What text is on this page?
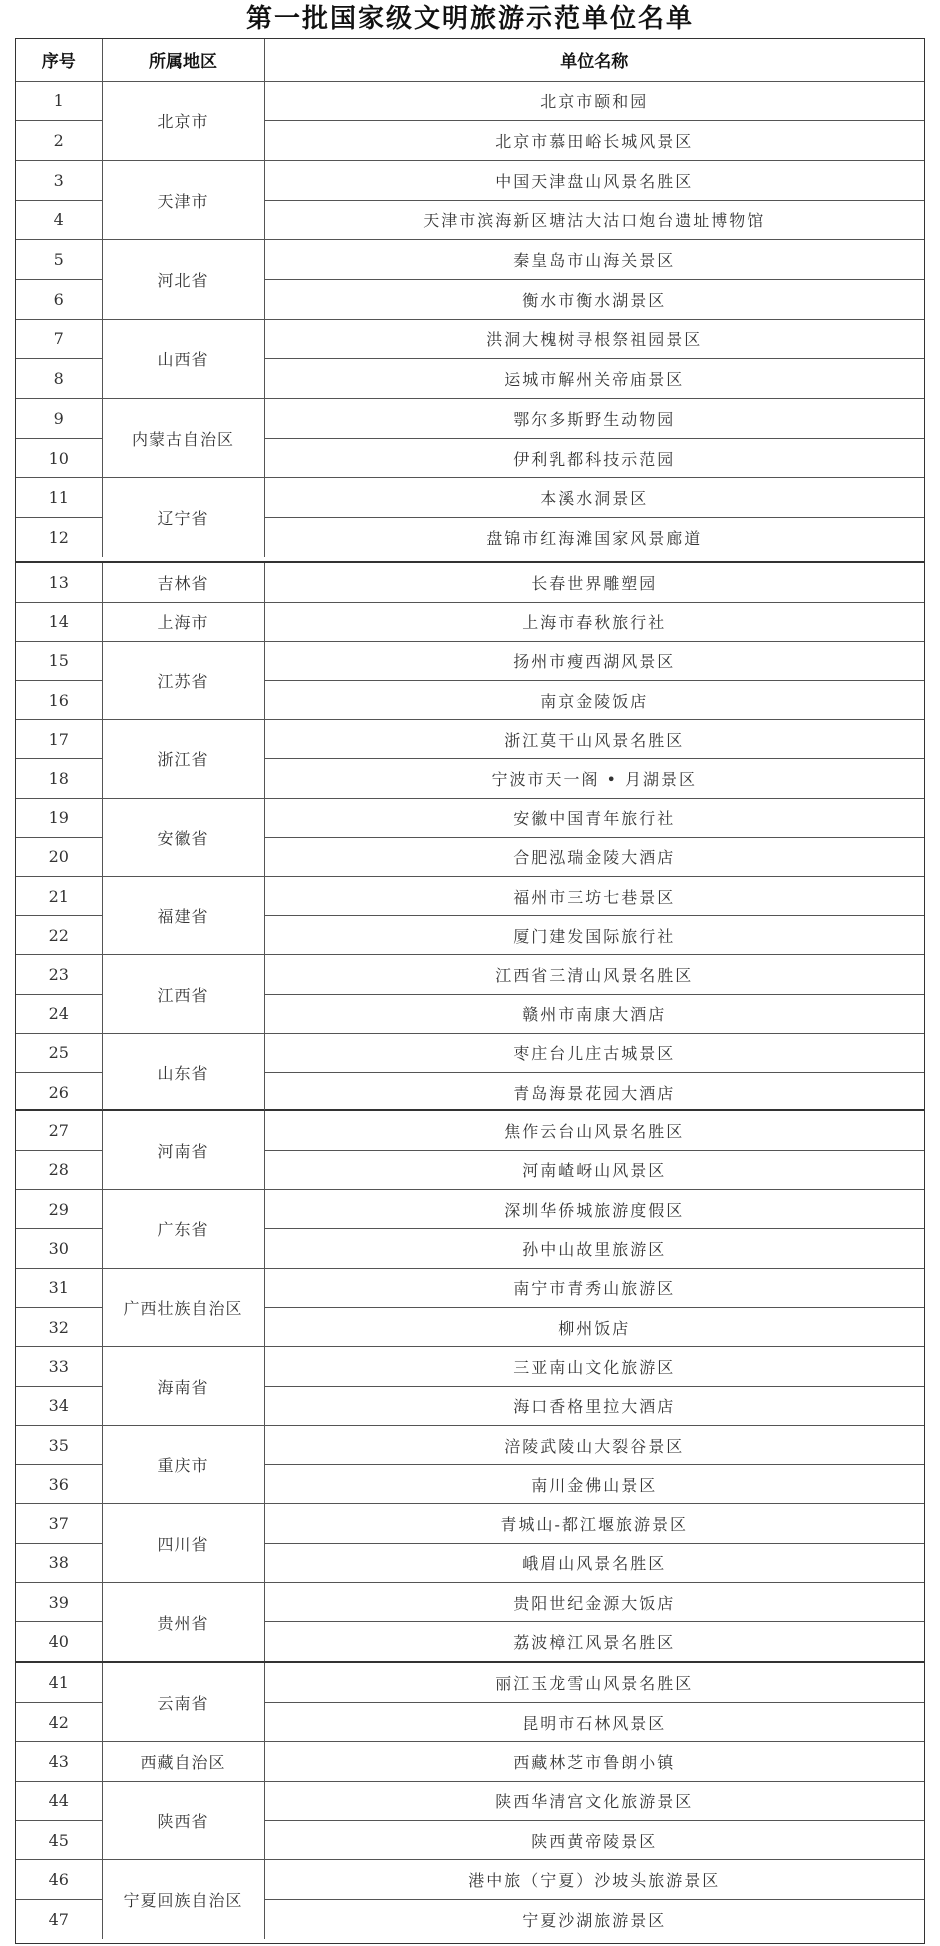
第一批国家级文明旅游示范单位名单
序号	所属地区	单位名称
1	北京市	北京市颐和园
2		北京市慕田峪长城风景区
3	天津市	中国天津盘山风景名胜区
4		天津市滨海新区塘沽大沽口炮台遗址博物馆
5	河北省	秦皇岛市山海关景区
6		衡水市衡水湖景区
7	山西省	洪洞大槐树寻根祭祖园景区
8		运城市解州关帝庙景区
9	内蒙古自治区	鄂尔多斯野生动物园
10		伊利乳都科技示范园
11	辽宁省	本溪水洞景区
12		盘锦市红海滩国家风景廊道
13	吉林省	长春世界雕塑园
14	上海市	上海市春秋旅行社
15	江苏省	扬州市瘦西湖风景区
16		南京金陵饭店
17	浙江省	浙江莫干山风景名胜区
18		宁波市天一阁 • 月湖景区
19	安徽省	安徽中国青年旅行社
20		合肥泓瑞金陵大酒店
21	福建省	福州市三坊七巷景区
22		厦门建发国际旅行社
23	江西省	江西省三清山风景名胜区
24		赣州市南康大酒店
25	山东省	枣庄台儿庄古城景区
26		青岛海景花园大酒店
27	河南省	焦作云台山风景名胜区
28		河南嵖岈山风景区
29	广东省	深圳华侨城旅游度假区
30		孙中山故里旅游区
31	广西壮族自治区	南宁市青秀山旅游区
32		柳州饭店
33	海南省	三亚南山文化旅游区
34		海口香格里拉大酒店
35	重庆市	涪陵武陵山大裂谷景区
36		南川金佛山景区
37	四川省	青城山-都江堰旅游景区
38		峨眉山风景名胜区
39	贵州省	贵阳世纪金源大饭店
40		荔波樟江风景名胜区
41	云南省	丽江玉龙雪山风景名胜区
42		昆明市石林风景区
43	西藏自治区	西藏林芝市鲁朗小镇
44	陕西省	陕西华清宫文化旅游景区
45		陕西黄帝陵景区
46	宁夏回族自治区	港中旅（宁夏）沙坡头旅游景区
47		宁夏沙湖旅游景区
